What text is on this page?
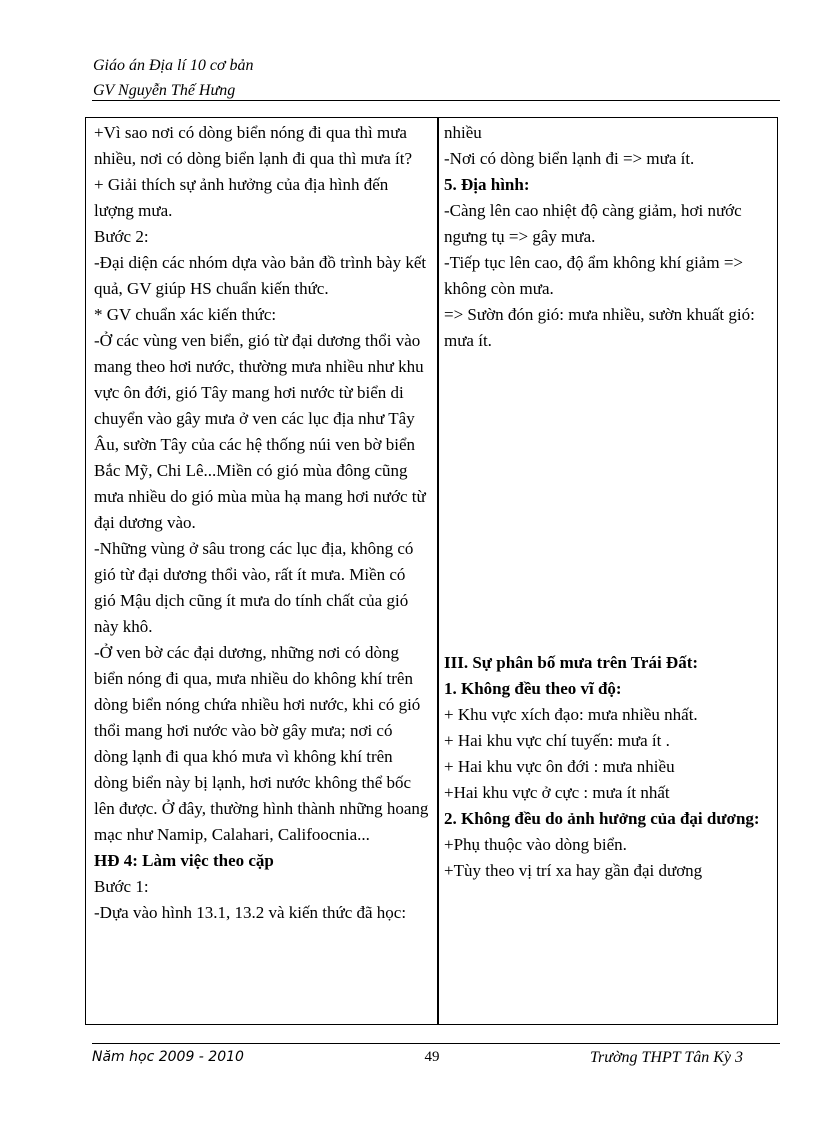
Giáo án Địa lí 10 cơ bản
GV Nguyễn Thế Hưng
+Vì sao nơi có dòng biển nóng đi qua thì mưa nhiều, nơi có dòng biển lạnh đi qua thì mưa ít?
+ Giải thích sự ảnh hưởng của địa hình đến lượng mưa.
Bước 2:
-Đại diện các nhóm dựa vào bản đồ trình bày kết quả, GV giúp HS chuẩn kiến thức.
* GV chuẩn xác kiến thức:
-Ở các vùng ven biển, gió từ đại dương thổi vào mang theo hơi nước, thường mưa nhiều như khu vực ôn đới, gió Tây mang hơi nước từ biển di chuyển vào gây mưa ở ven các lục địa như Tây Âu, sườn Tây của các hệ thống núi ven bờ biển Bắc Mỹ, Chi Lê...Miền có gió mùa đông cũng mưa nhiều do gió mùa mùa hạ mang hơi nước từ đại dương vào.
-Những vùng ở sâu trong các lục địa, không có gió từ đại dương thổi vào, rất ít mưa. Miền có gió Mậu dịch cũng ít mưa do tính chất của gió này khô.
-Ở ven bờ các đại dương, những nơi có dòng biển nóng đi qua, mưa nhiều do không khí trên dòng biển nóng chứa nhiều hơi nước, khi có gió thổi mang hơi nước vào bờ gây mưa; nơi có dòng lạnh đi qua khó mưa vì không khí trên dòng biển này bị lạnh, hơi nước không thể bốc lên được. Ở đây, thường hình thành những hoang mạc như Namip, Calahari, Califoocnia...
HĐ 4: Làm việc theo cặp
Bước 1:
-Dựa vào hình 13.1, 13.2 và kiến thức đã học:
nhiều
-Nơi có dòng biển lạnh đi => mưa ít.
5. Địa hình:
-Càng lên cao nhiệt độ càng giảm, hơi nước ngưng tụ => gây mưa.
-Tiếp tục lên cao, độ ẩm không khí giảm => không còn mưa.
=> Sườn đón gió: mưa nhiều, sườn khuất gió: mưa ít.
III. Sự phân bố mưa trên Trái Đất:
1. Không đều theo vĩ độ:
+ Khu vực xích đạo: mưa nhiều nhất.
+ Hai khu vực chí tuyến: mưa ít .
+ Hai khu vực ôn đới : mưa nhiều
+Hai khu vực ở cực : mưa ít nhất
2. Không đều do ảnh hưởng của đại dương:
+Phụ thuộc vào dòng biển.
+Tùy theo vị trí xa hay gần đại dương
Năm học 2009 - 2010	49	Trường THPT Tân Kỳ 3
